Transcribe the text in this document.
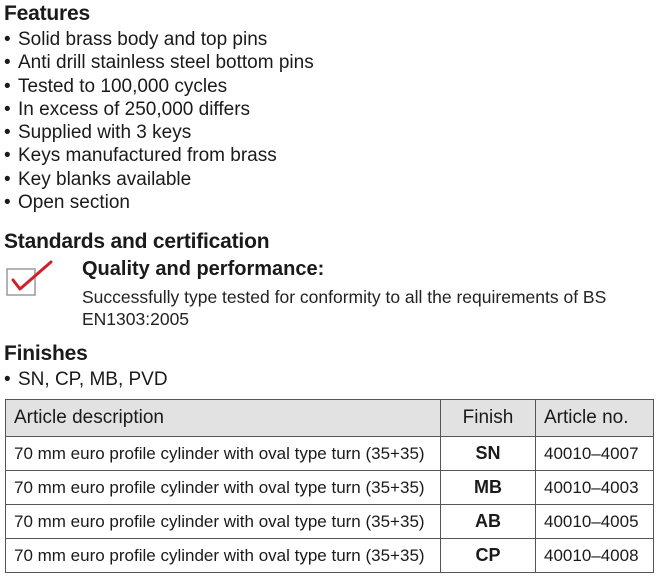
Features
• Solid brass body and top pins
• Anti drill stainless steel bottom pins
• Tested to 100,000 cycles
• In excess of 250,000 differs
• Supplied with 3 keys
• Keys manufactured from brass
• Key blanks available
• Open section
Standards and certification
Quality and performance:
Successfully type tested for conformity to all the requirements of BS EN1303:2005
Finishes
• SN, CP, MB, PVD
Article description	Finish	Article no.
70 mm euro profile cylinder with oval type turn (35+35)	SN	40010–4007
70 mm euro profile cylinder with oval type turn (35+35)	MB	40010–4003
70 mm euro profile cylinder with oval type turn (35+35)	AB	40010–4005
70 mm euro profile cylinder with oval type turn (35+35)	CP	40010–4008
